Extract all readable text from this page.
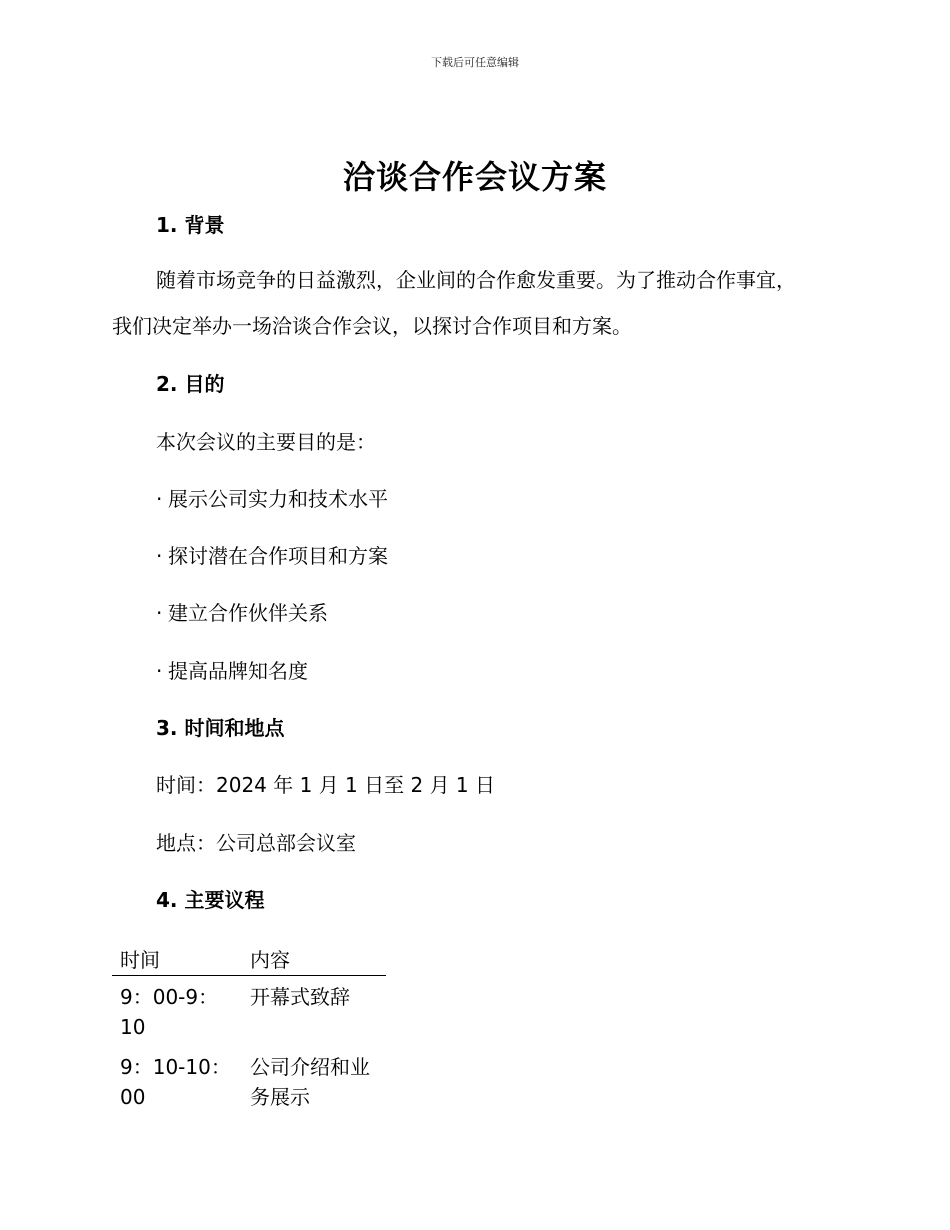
下载后可任意编辑
洽谈合作会议方案
1. 背景
随着市场竞争的日益激烈，企业间的合作愈发重要。为了推动合作事宜，我们决定举办一场洽谈合作会议，以探讨合作项目和方案。
2. 目的
本次会议的主要目的是：
· 展示公司实力和技术水平
· 探讨潜在合作项目和方案
· 建立合作伙伴关系
· 提高品牌知名度
3. 时间和地点
时间：2024 年 1 月 1 日至 2 月 1 日
地点：公司总部会议室
4. 主要议程
时间	内容
9：00-9：10	开幕式致辞
9：10-10：00	公司介绍和业务展示
